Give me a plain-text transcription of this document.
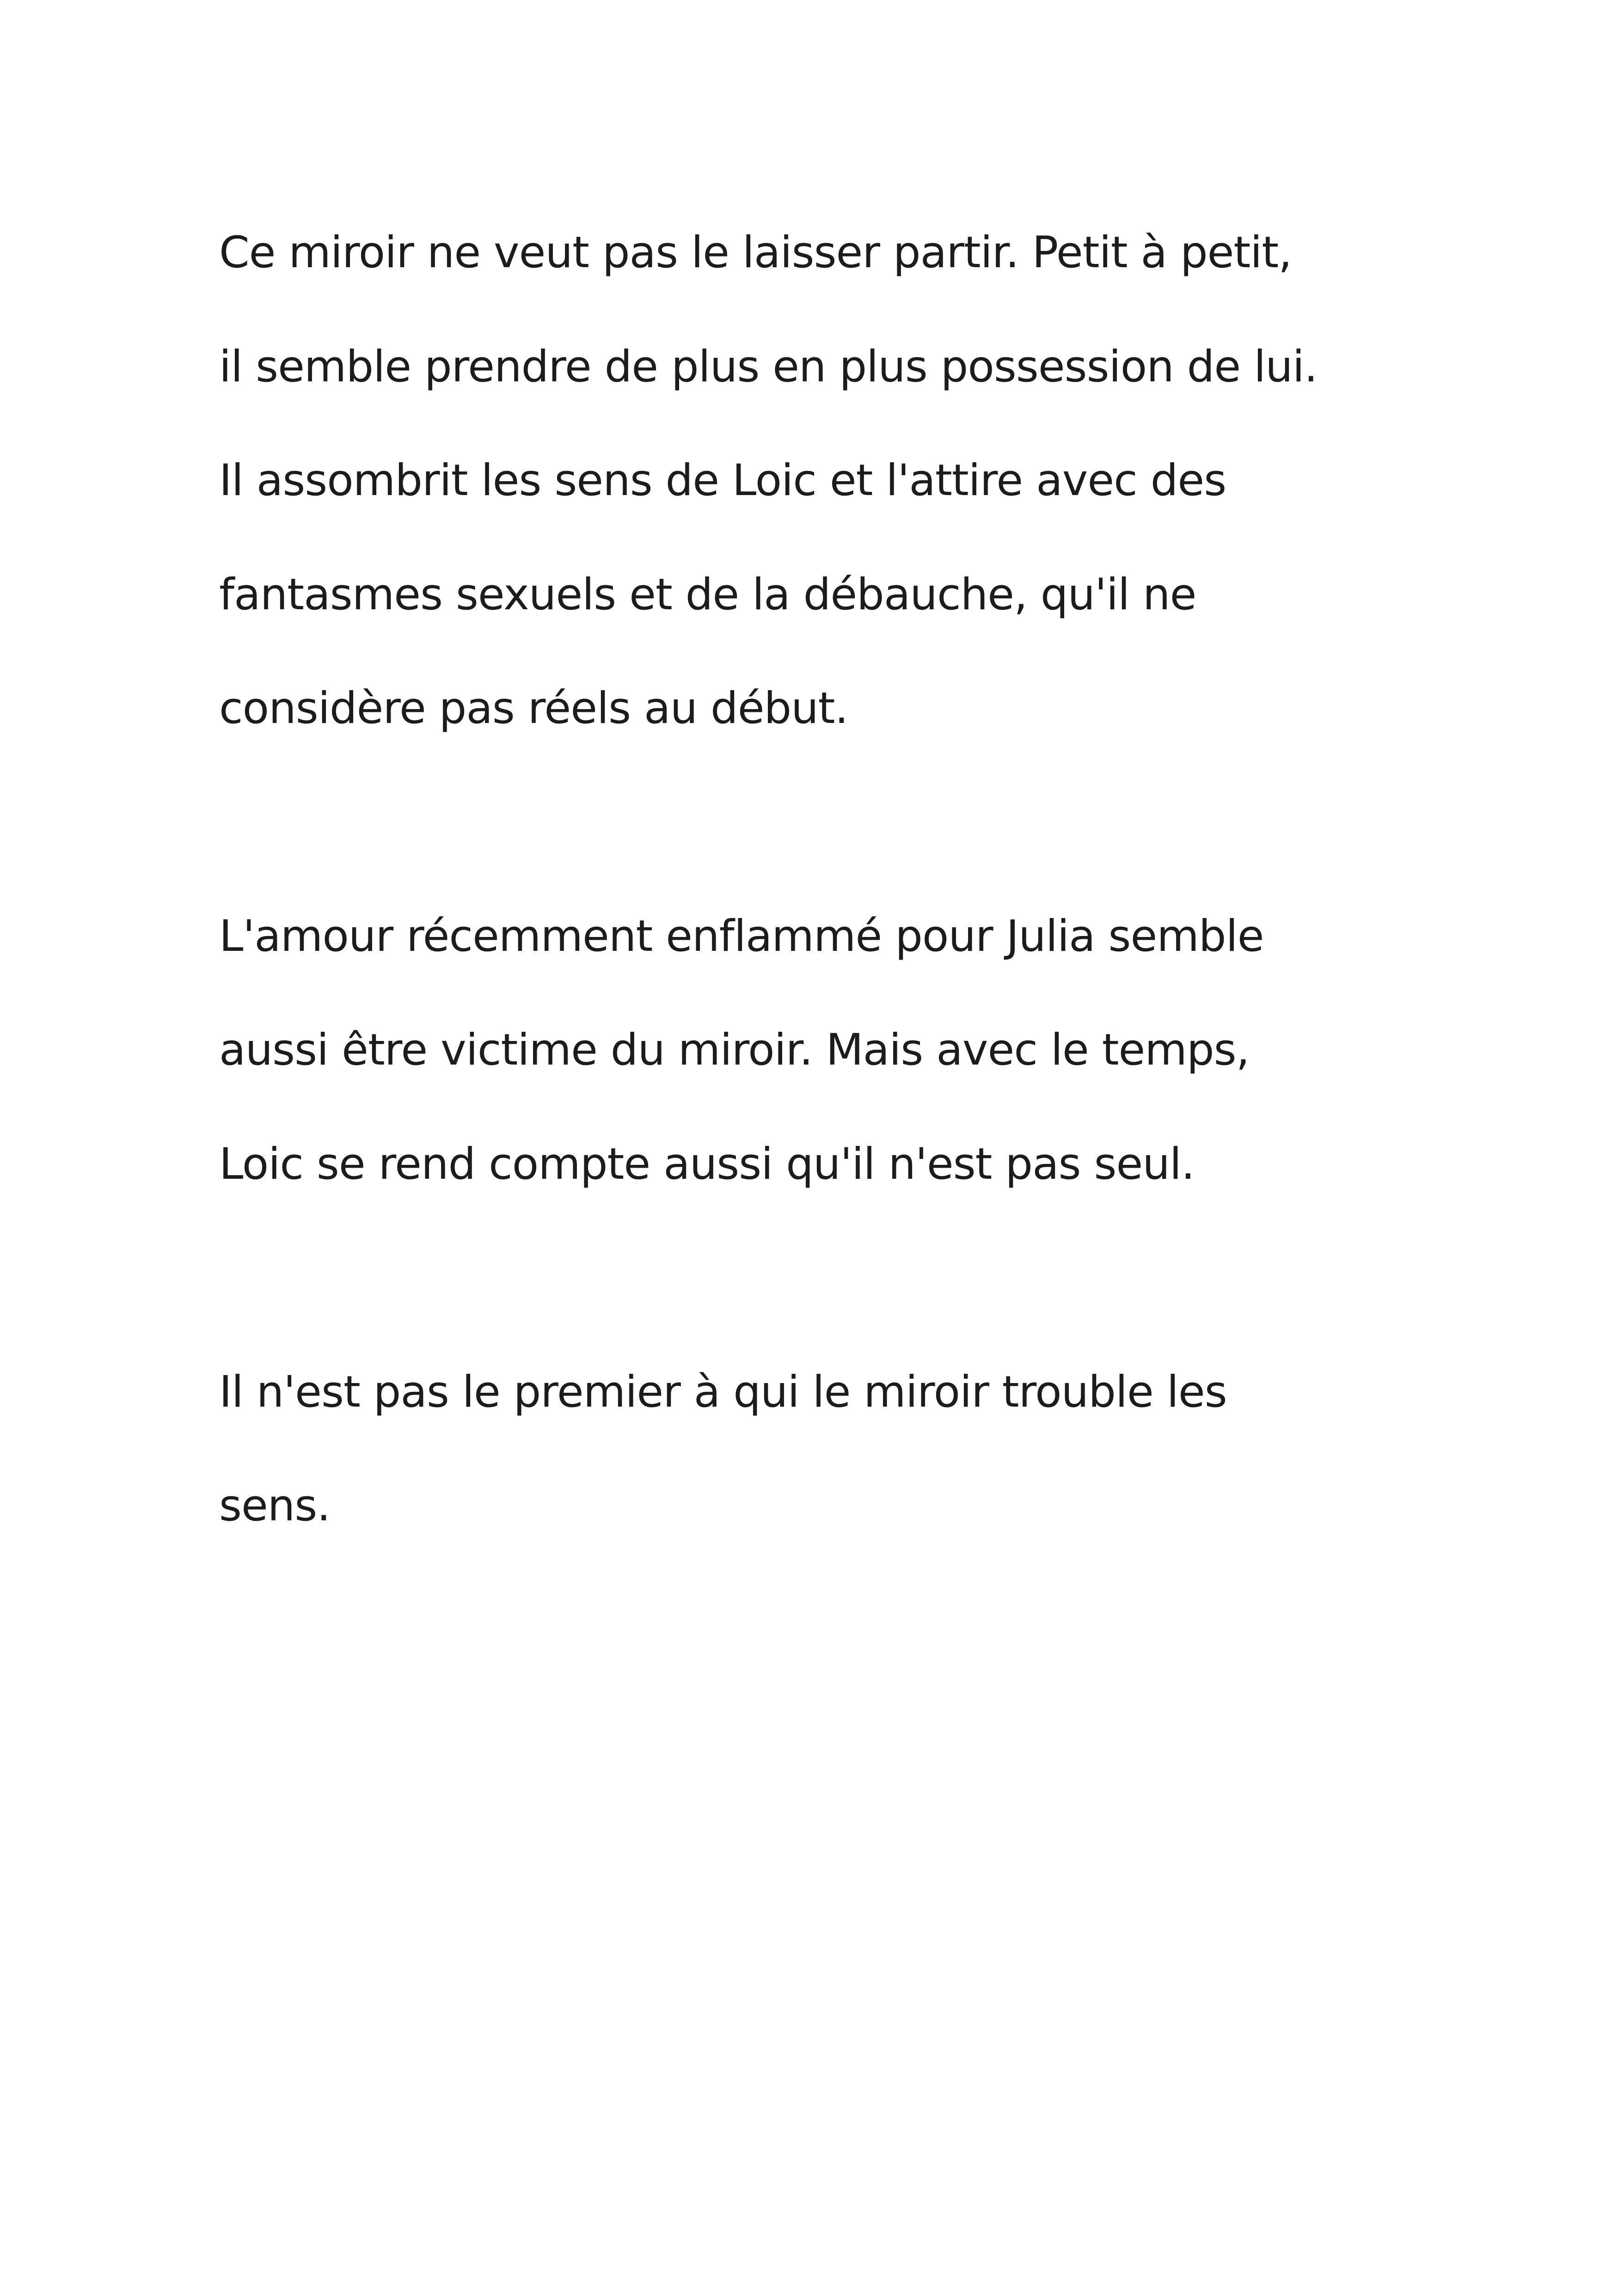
Ce miroir ne veut pas le laisser partir. Petit à petit,

il semble prendre de plus en plus possession de lui.

Il assombrit les sens de Loic et l'attire avec des

fantasmes sexuels et de la débauche, qu'il ne

considère pas réels au début.

L'amour récemment enflammé pour Julia semble

aussi être victime du miroir. Mais avec le temps,

Loic se rend compte aussi qu'il n'est pas seul.

Il n'est pas le premier à qui le miroir trouble les

sens.
